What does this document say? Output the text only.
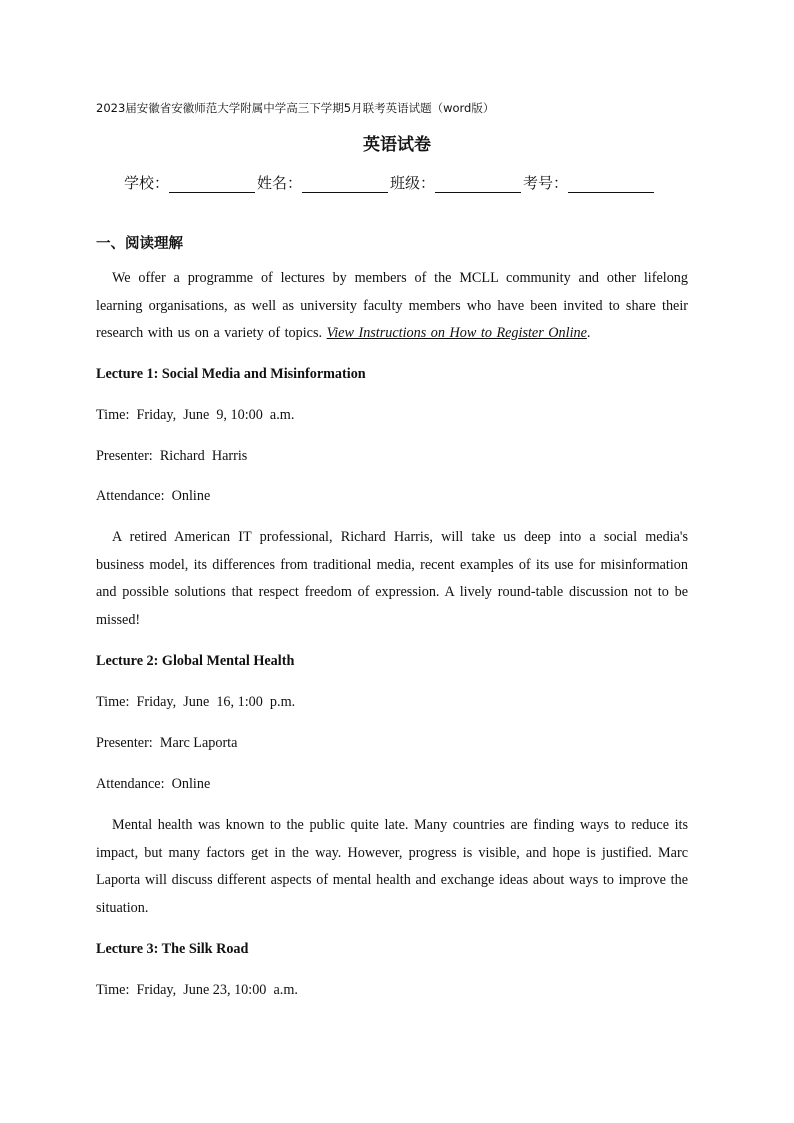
2023届安徽省安徽师范大学附属中学高三下学期5月联考英语试题（word版）
英语试卷
学校：	姓名：	班级：	考号：
一、阅读理解
We offer a programme of lectures by members of the MCLL community and other lifelong learning organisations, as well as university faculty members who have been invited to share their research with us on a variety of topics. View Instructions on How to Register Online.
Lecture 1: Social Media and Misinformation
Time:  Friday,  June  9, 10:00  a.m.
Presenter:  Richard  Harris
Attendance:  Online
A retired American IT professional, Richard Harris, will take us deep into a social media's business model, its differences from traditional media, recent examples of its use for misinformation and possible solutions that respect freedom of expression. A lively round-table discussion not to be missed!
Lecture 2: Global Mental Health
Time:  Friday,  June  16, 1:00  p.m.
Presenter:  Marc Laporta
Attendance:  Online
Mental health was known to the public quite late. Many countries are finding ways to reduce its impact, but many factors get in the way. However, progress is visible, and hope is justified. Marc Laporta will discuss different aspects of mental health and exchange ideas about ways to improve the situation.
Lecture 3: The Silk Road
Time:  Friday,  June 23, 10:00  a.m.
